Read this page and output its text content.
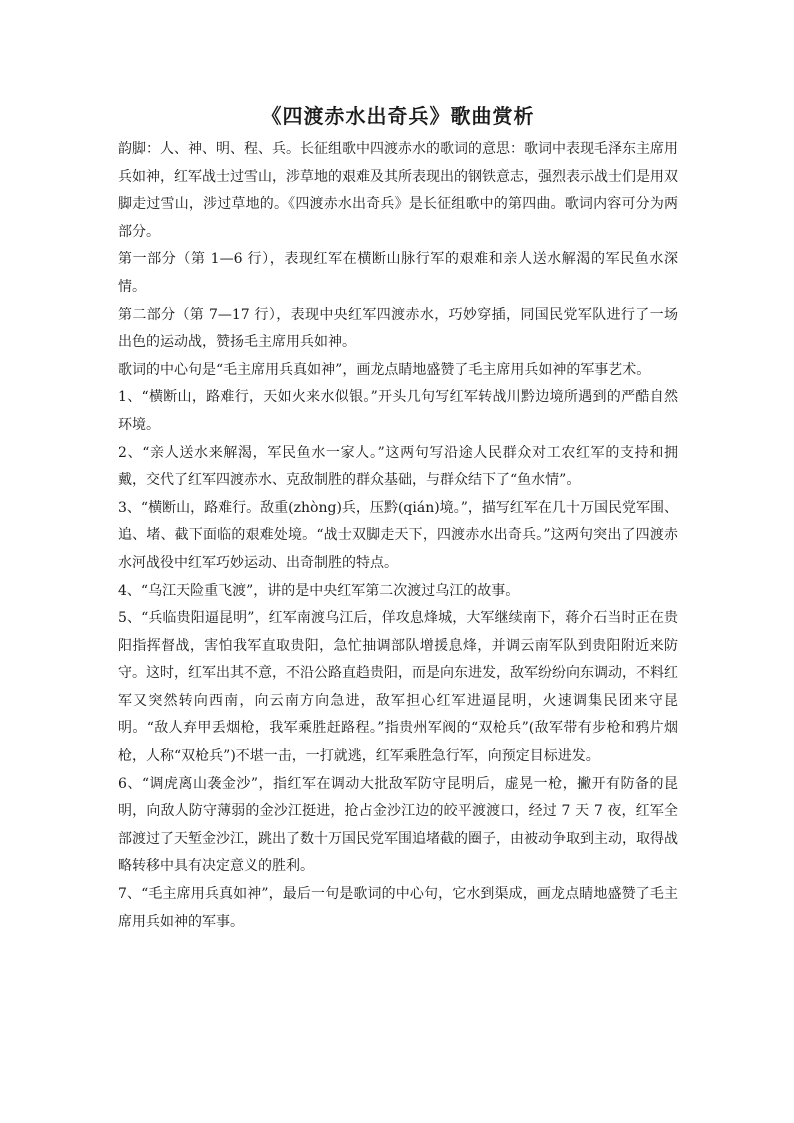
《四渡赤水出奇兵》歌曲赏析

韵脚：人、神、明、程、兵。长征组歌中四渡赤水的歌词的意思：歌词中表现毛泽东主席用兵如神，红军战士过雪山，涉草地的艰难及其所表现出的钢铁意志，强烈表示战士们是用双脚走过雪山，涉过草地的。《四渡赤水出奇兵》是长征组歌中的第四曲。歌词内容可分为两部分。

第一部分（第 1—6 行），表现红军在横断山脉行军的艰难和亲人送水解渴的军民鱼水深情。

第二部分（第 7—17 行），表现中央红军四渡赤水，巧妙穿插，同国民党军队进行了一场出色的运动战，赞扬毛主席用兵如神。

歌词的中心句是“毛主席用兵真如神”，画龙点睛地盛赞了毛主席用兵如神的军事艺术。

1、“横断山，路难行，天如火来水似银。”开头几句写红军转战川黔边境所遇到的严酷自然环境。

2、“亲人送水来解渴，军民鱼水一家人。”这两句写沿途人民群众对工农红军的支持和拥戴，交代了红军四渡赤水、克敌制胜的群众基础，与群众结下了“鱼水情”。

3、“横断山，路难行。敌重(zhòng)兵，压黔(qián)境。”，描写红军在几十万国民党军围、追、堵、截下面临的艰难处境。“战士双脚走天下，四渡赤水出奇兵。”这两句突出了四渡赤水河战役中红军巧妙运动、出奇制胜的特点。

4、“乌江天险重飞渡”，讲的是中央红军第二次渡过乌江的故事。

5、“兵临贵阳逼昆明”，红军南渡乌江后，佯攻息烽城，大军继续南下，蒋介石当时正在贵阳指挥督战，害怕我军直取贵阳，急忙抽调部队增援息烽，并调云南军队到贵阳附近来防守。这时，红军出其不意，不沿公路直趋贵阳，而是向东进发，敌军纷纷向东调动，不料红军又突然转向西南，向云南方向急进，敌军担心红军进逼昆明，火速调集民团来守昆明。“敌人弃甲丢烟枪，我军乘胜赶路程。”指贵州军阀的“双枪兵”(敌军带有步枪和鸦片烟枪，人称“双枪兵”)不堪一击，一打就逃，红军乘胜急行军，向预定目标进发。

6、“调虎离山袭金沙”，指红军在调动大批敌军防守昆明后，虚晃一枪，撇开有防备的昆明，向敌人防守薄弱的金沙江挺进，抢占金沙江边的皎平渡渡口，经过 7 天 7 夜，红军全部渡过了天堑金沙江，跳出了数十万国民党军围追堵截的圈子，由被动争取到主动，取得战略转移中具有决定意义的胜利。

7、“毛主席用兵真如神”，最后一句是歌词的中心句，它水到渠成，画龙点睛地盛赞了毛主席用兵如神的军事。
